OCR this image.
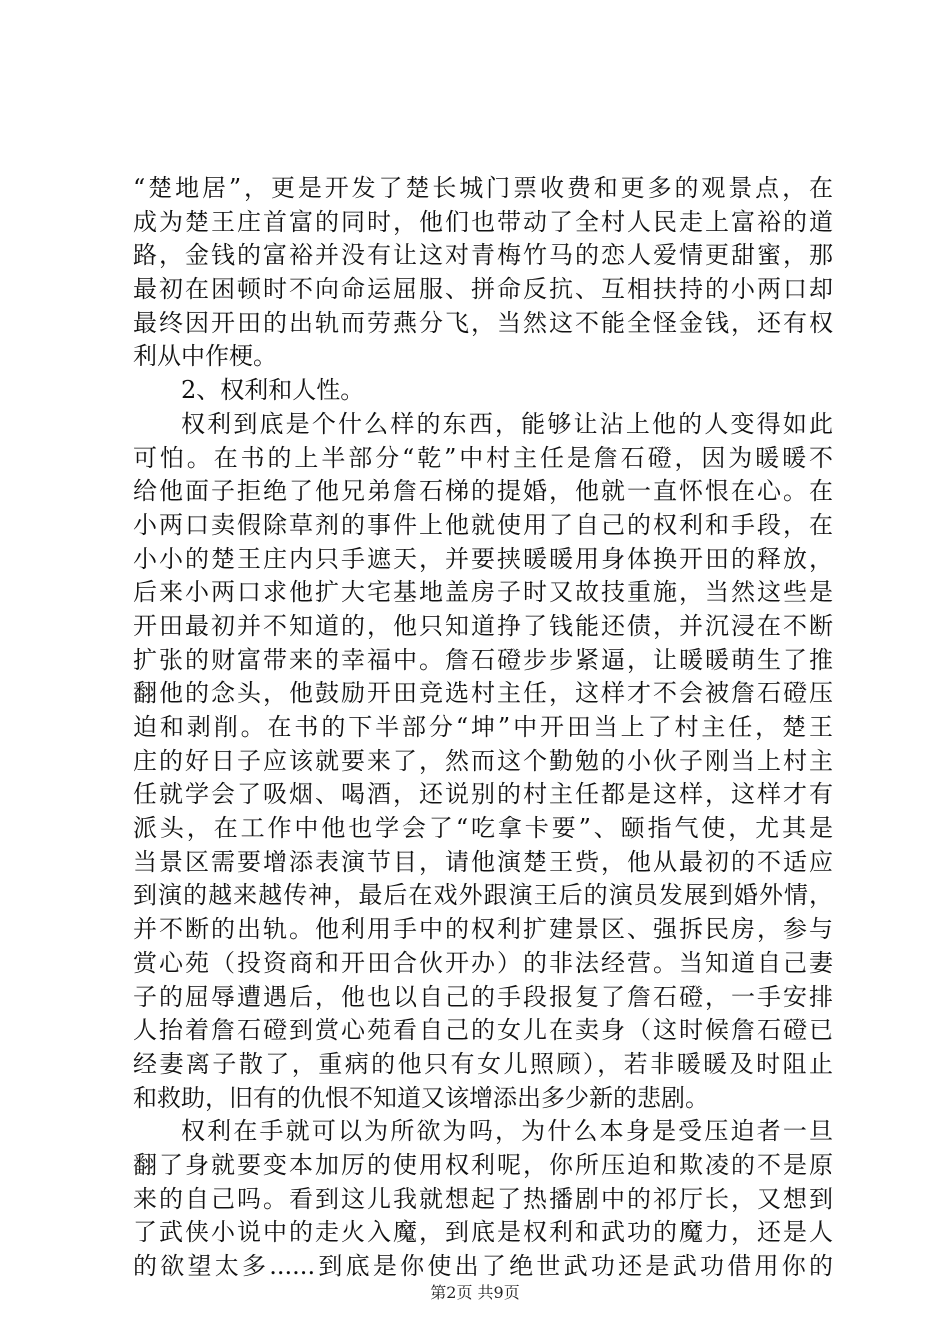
“楚地居”，更是开发了楚长城门票收费和更多的观景点，在
成为楚王庄首富的同时，他们也带动了全村人民走上富裕的道
路，金钱的富裕并没有让这对青梅竹马的恋人爱情更甜蜜，那
最初在困顿时不向命运屈服、拼命反抗、互相扶持的小两口却
最终因开田的出轨而劳燕分飞，当然这不能全怪金钱，还有权
利从中作梗。
2、权利和人性。
权利到底是个什么样的东西，能够让沾上他的人变得如此
可怕。在书的上半部分“乾”中村主任是詹石磴，因为暖暖不
给他面子拒绝了他兄弟詹石梯的提婚，他就一直怀恨在心。在
小两口卖假除草剂的事件上他就使用了自己的权利和手段，在
小小的楚王庄内只手遮天，并要挟暖暖用身体换开田的释放，
后来小两口求他扩大宅基地盖房子时又故技重施，当然这些是
开田最初并不知道的，他只知道挣了钱能还债，并沉浸在不断
扩张的财富带来的幸福中。詹石磴步步紧逼，让暖暖萌生了推
翻他的念头，他鼓励开田竞选村主任，这样才不会被詹石磴压
迫和剥削。在书的下半部分“坤”中开田当上了村主任，楚王
庄的好日子应该就要来了，然而这个勤勉的小伙子刚当上村主
任就学会了吸烟、喝酒，还说别的村主任都是这样，这样才有
派头，在工作中他也学会了“吃拿卡要”、颐指气使，尤其是
当景区需要增添表演节目，请他演楚王赀，他从最初的不适应
到演的越来越传神，最后在戏外跟演王后的演员发展到婚外情，
并不断的出轨。他利用手中的权利扩建景区、强拆民房，参与
赏心苑（投资商和开田合伙开办）的非法经营。当知道自己妻
子的屈辱遭遇后，他也以自己的手段报复了詹石磴，一手安排
人抬着詹石磴到赏心苑看自己的女儿在卖身（这时候詹石磴已
经妻离子散了，重病的他只有女儿照顾），若非暖暖及时阻止
和救助，旧有的仇恨不知道又该增添出多少新的悲剧。
权利在手就可以为所欲为吗，为什么本身是受压迫者一旦
翻了身就要变本加厉的使用权利呢，你所压迫和欺凌的不是原
来的自己吗。看到这儿我就想起了热播剧中的祁厅长，又想到
了武侠小说中的走火入魔，到底是权利和武功的魔力，还是人
的欲望太多......到底是你使出了绝世武功还是武功借用你的
第2页 共9页
